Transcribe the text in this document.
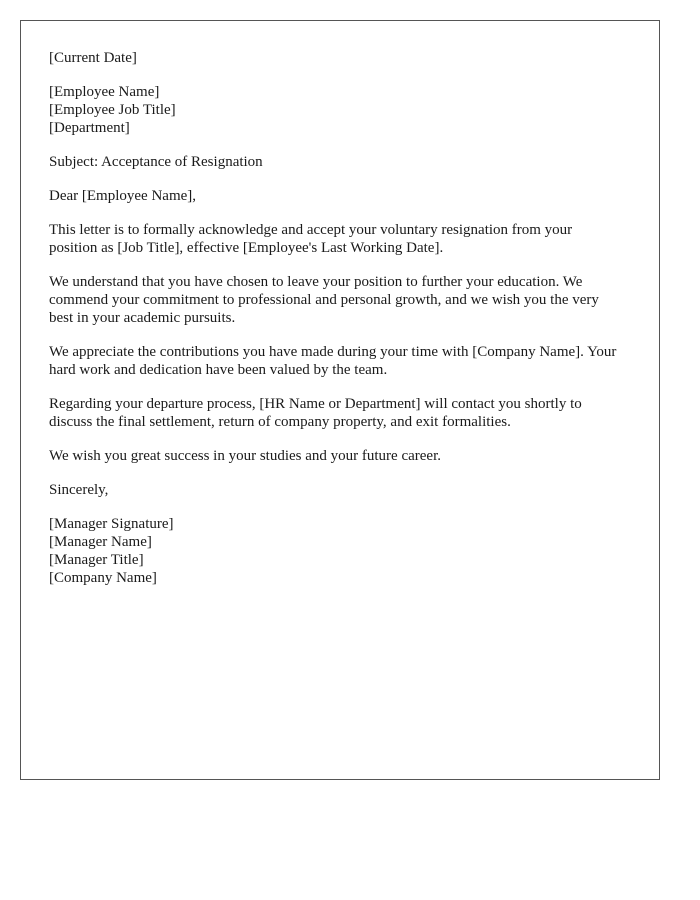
[Current Date]

[Employee Name]

[Employee Job Title]

[Department]

Subject: Acceptance of Resignation

Dear [Employee Name],

This letter is to formally acknowledge and accept your voluntary resignation from your position as [Job Title], effective [Employee's Last Working Date].

We understand that you have chosen to leave your position to further your education. We commend your commitment to professional and personal growth, and we wish you the very best in your academic pursuits.

We appreciate the contributions you have made during your time with [Company Name]. Your hard work and dedication have been valued by the team.

Regarding your departure process, [HR Name or Department] will contact you shortly to discuss the final settlement, return of company property, and exit formalities.

We wish you great success in your studies and your future career.

Sincerely,

[Manager Signature]

[Manager Name]

[Manager Title]

[Company Name]
